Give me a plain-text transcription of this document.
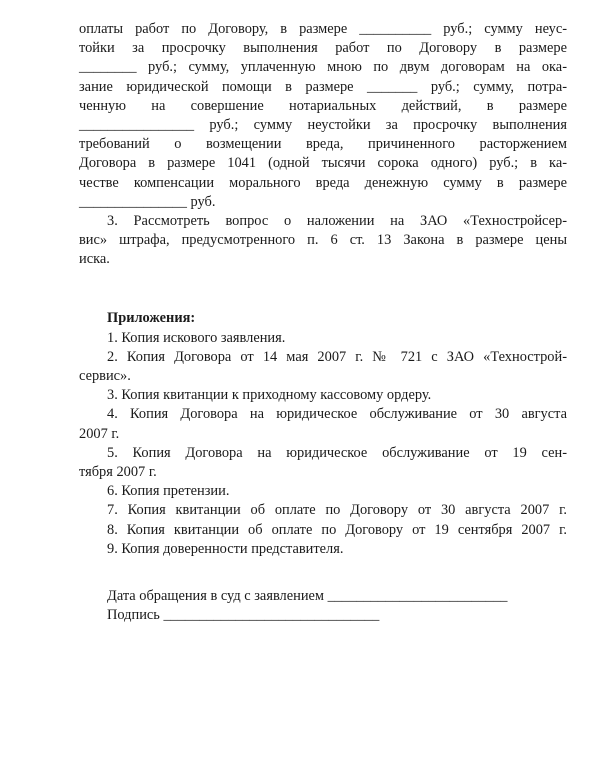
оплаты работ по Договору, в размере __________ руб.; сумму неус-
тойки за просрочку выполнения работ по Договору в размере
________ руб.; сумму, уплаченную мною по двум договорам на ока-
зание юридической помощи в размере _______ руб.; сумму, потра-
ченную на совершение нотариальных действий, в размере
________________ руб.; сумму неустойки за просрочку выполнения
требований о возмещении вреда, причиненного расторжением
Договора в размере 1041 (одной тысячи сорока одного) руб.; в ка-
честве компенсации морального вреда денежную сумму в размере
_______________ руб.
3. Рассмотреть вопрос о наложении на ЗАО «Техностройсер-
вис» штрафа, предусмотренного п. 6 ст. 13 Закона в размере цены
иска.
Приложения:
1. Копия искового заявления.
2. Копия Договора от 14 мая 2007 г. № 721 с ЗАО «Технострой-
сервис».
3. Копия квитанции к приходному кассовому ордеру.
4. Копия Договора на юридическое обслуживание от 30 августа
2007 г.
5. Копия Договора на юридическое обслуживание от 19 сен-
тября 2007 г.
6. Копия претензии.
7. Копия квитанции об оплате по Договору от 30 августа 2007 г.
8. Копия квитанции об оплате по Договору от 19 сентября 2007 г.
9. Копия доверенности представителя.
Дата обращения в суд с заявлением _________________________
Подпись ______________________________
